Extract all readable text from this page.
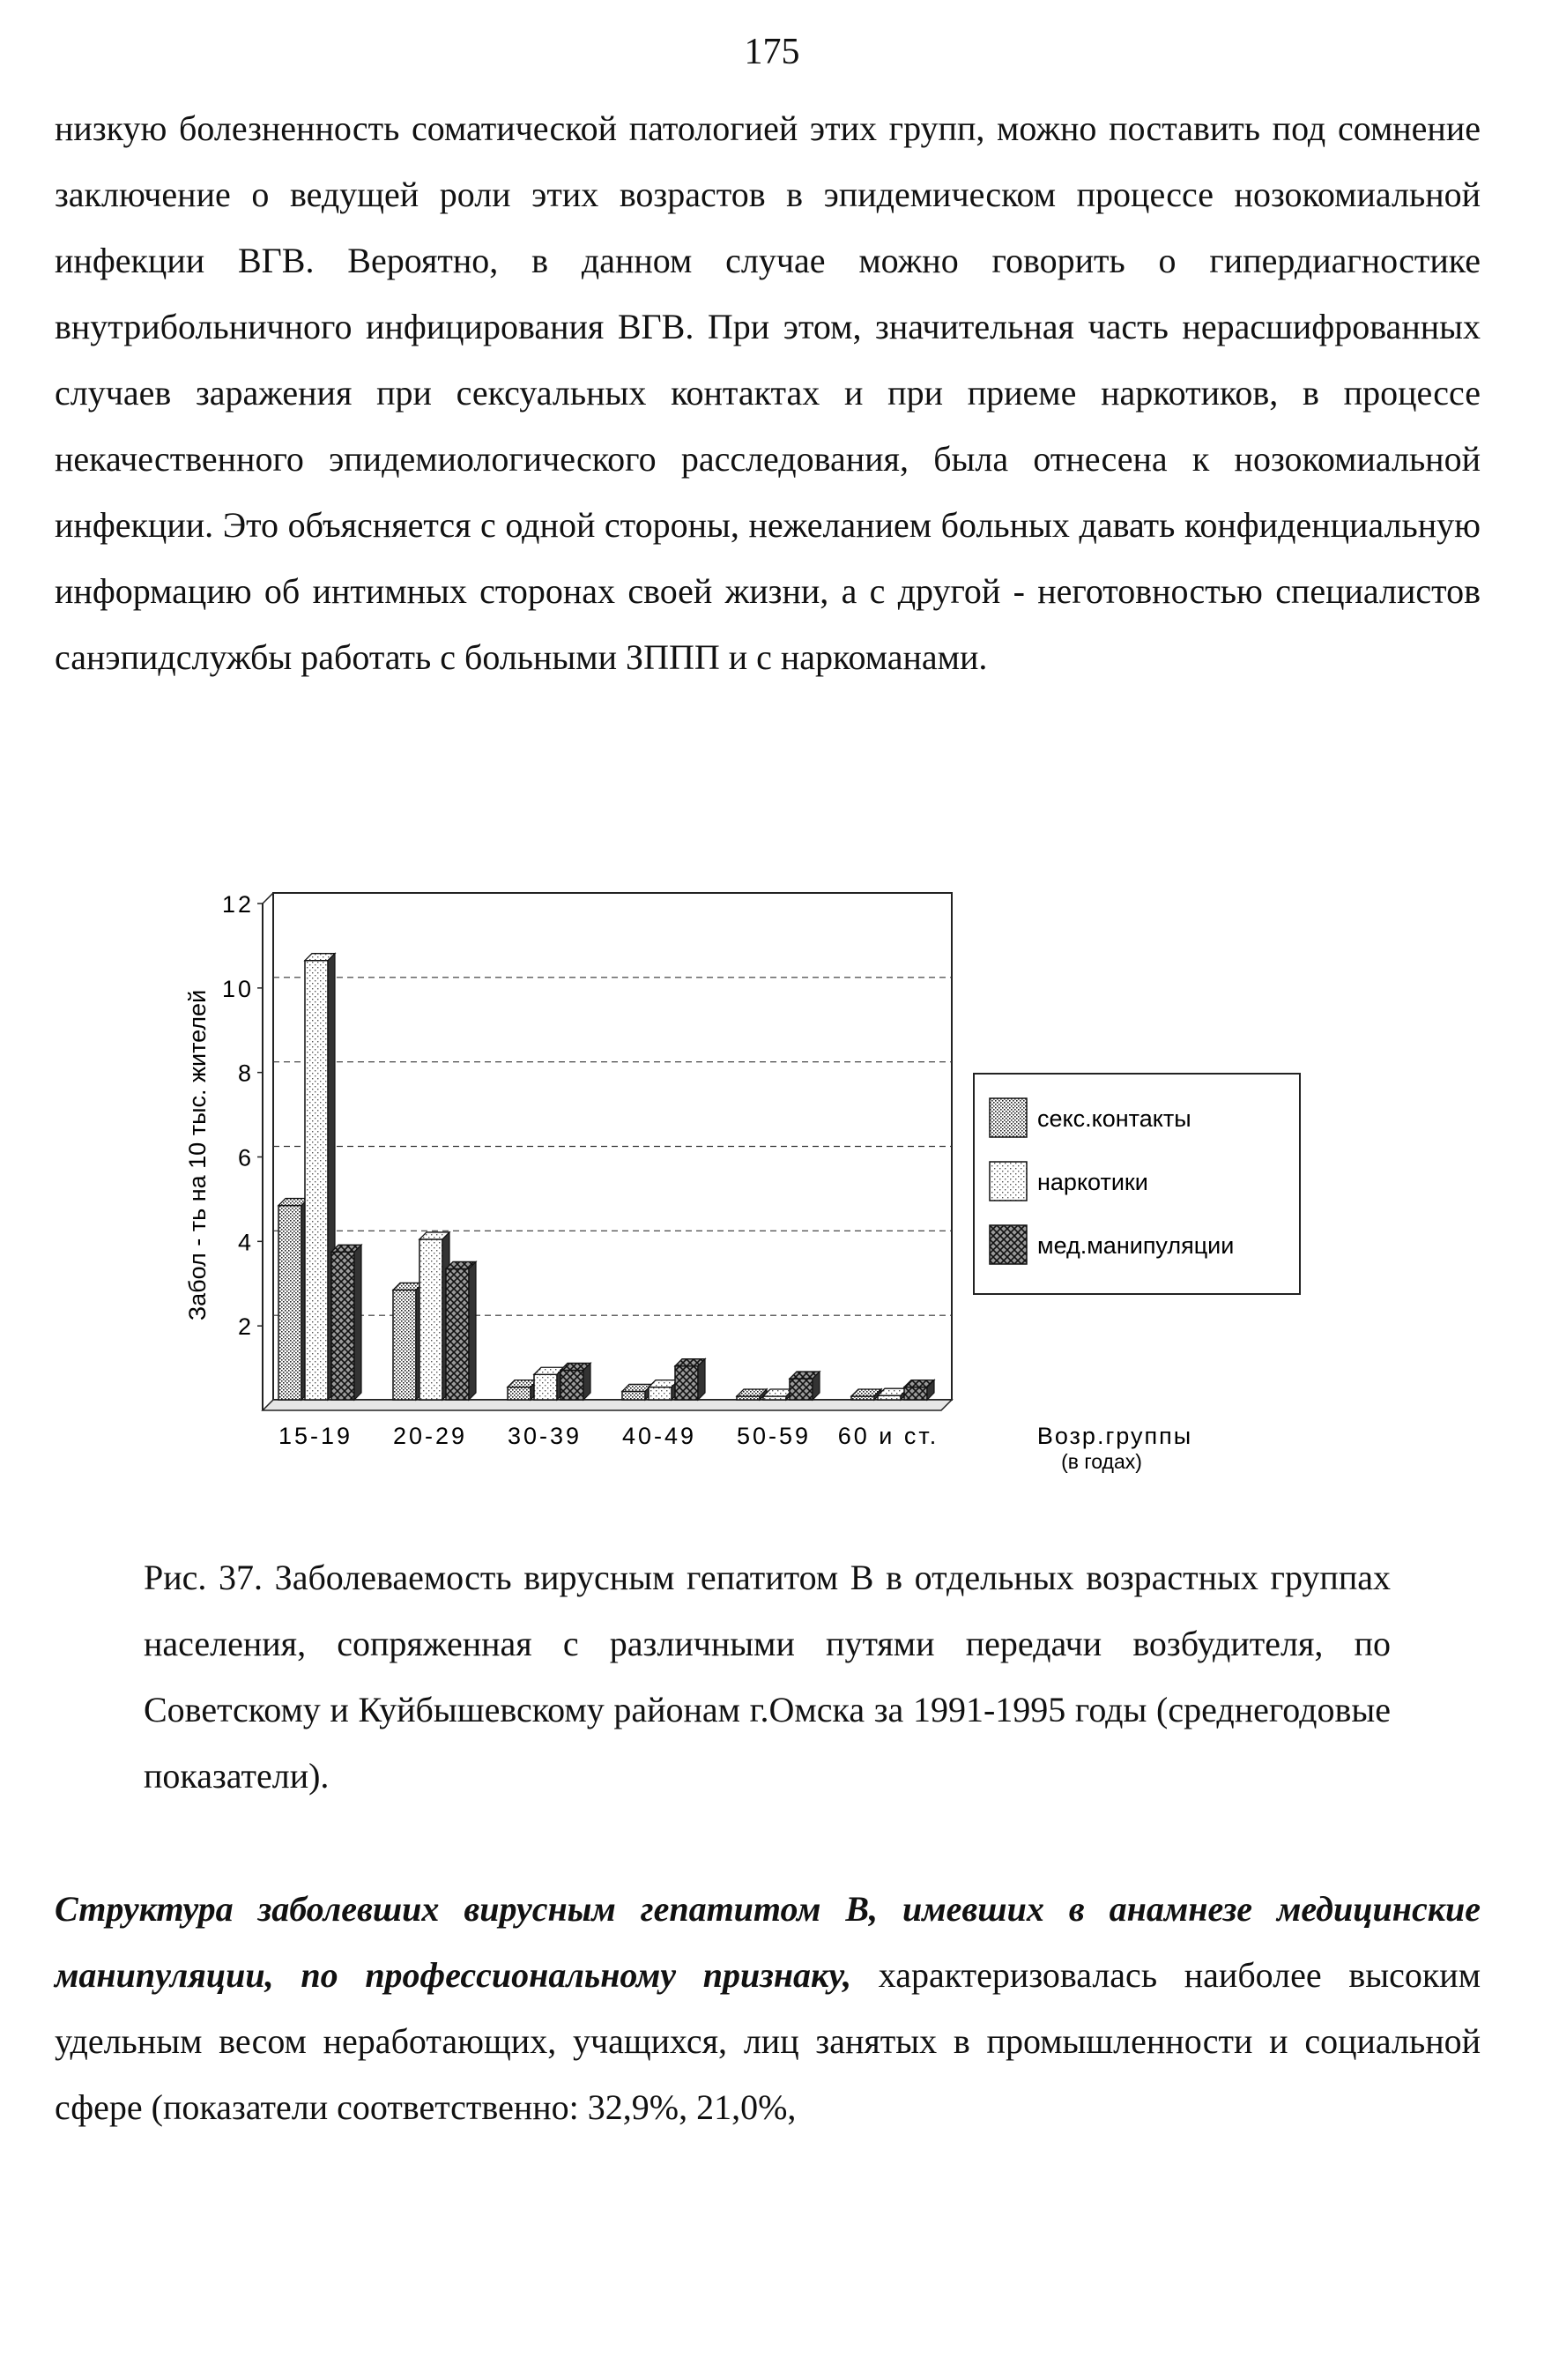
175

низкую болезненность соматической патологией этих групп, можно поставить под сомнение заключение о ведущей роли этих возрастов в эпидемическом процессе нозокомиальной инфекции ВГВ. Вероятно, в данном случае можно говорить о гипердиагностике внутрибольничного инфицирования ВГВ. При этом, значительная часть нерасшифрованных случаев заражения при сексуальных контактах и при приеме наркотиков, в процессе некачественного эпидемиологического расследования, была отнесена к нозокомиальной инфекции. Это объясняется с одной стороны, нежеланием больных давать конфиденциальную информацию об интимных сторонах своей жизни, а с другой - неготовностью специалистов санэпидслужбы работать с больными ЗППП и с наркоманами.

2
4
6
8
10
12
Забол - ть на 10 тыс. жителей
15-19 20-29 30-39 40-49 50-59 60 и ст.	Возр.группы
(в годах)
секс.контакты
наркотики
мед.манипуляции

Рис. 37. Заболеваемость вирусным гепатитом В в отдельных возрастных группах населения, сопряженная с различными путями передачи возбудителя, по Советскому и Куйбышевскому районам г.Омска за 1991-1995 годы (среднегодовые показатели).

Структура заболевших вирусным гепатитом В, имевших в анамнезе медицинские манипуляции, по профессиональному признаку, характеризовалась наиболее высоким удельным весом неработающих, учащихся, лиц занятых в промышленности и социальной сфере (показатели соответственно: 32,9%, 21,0%,
